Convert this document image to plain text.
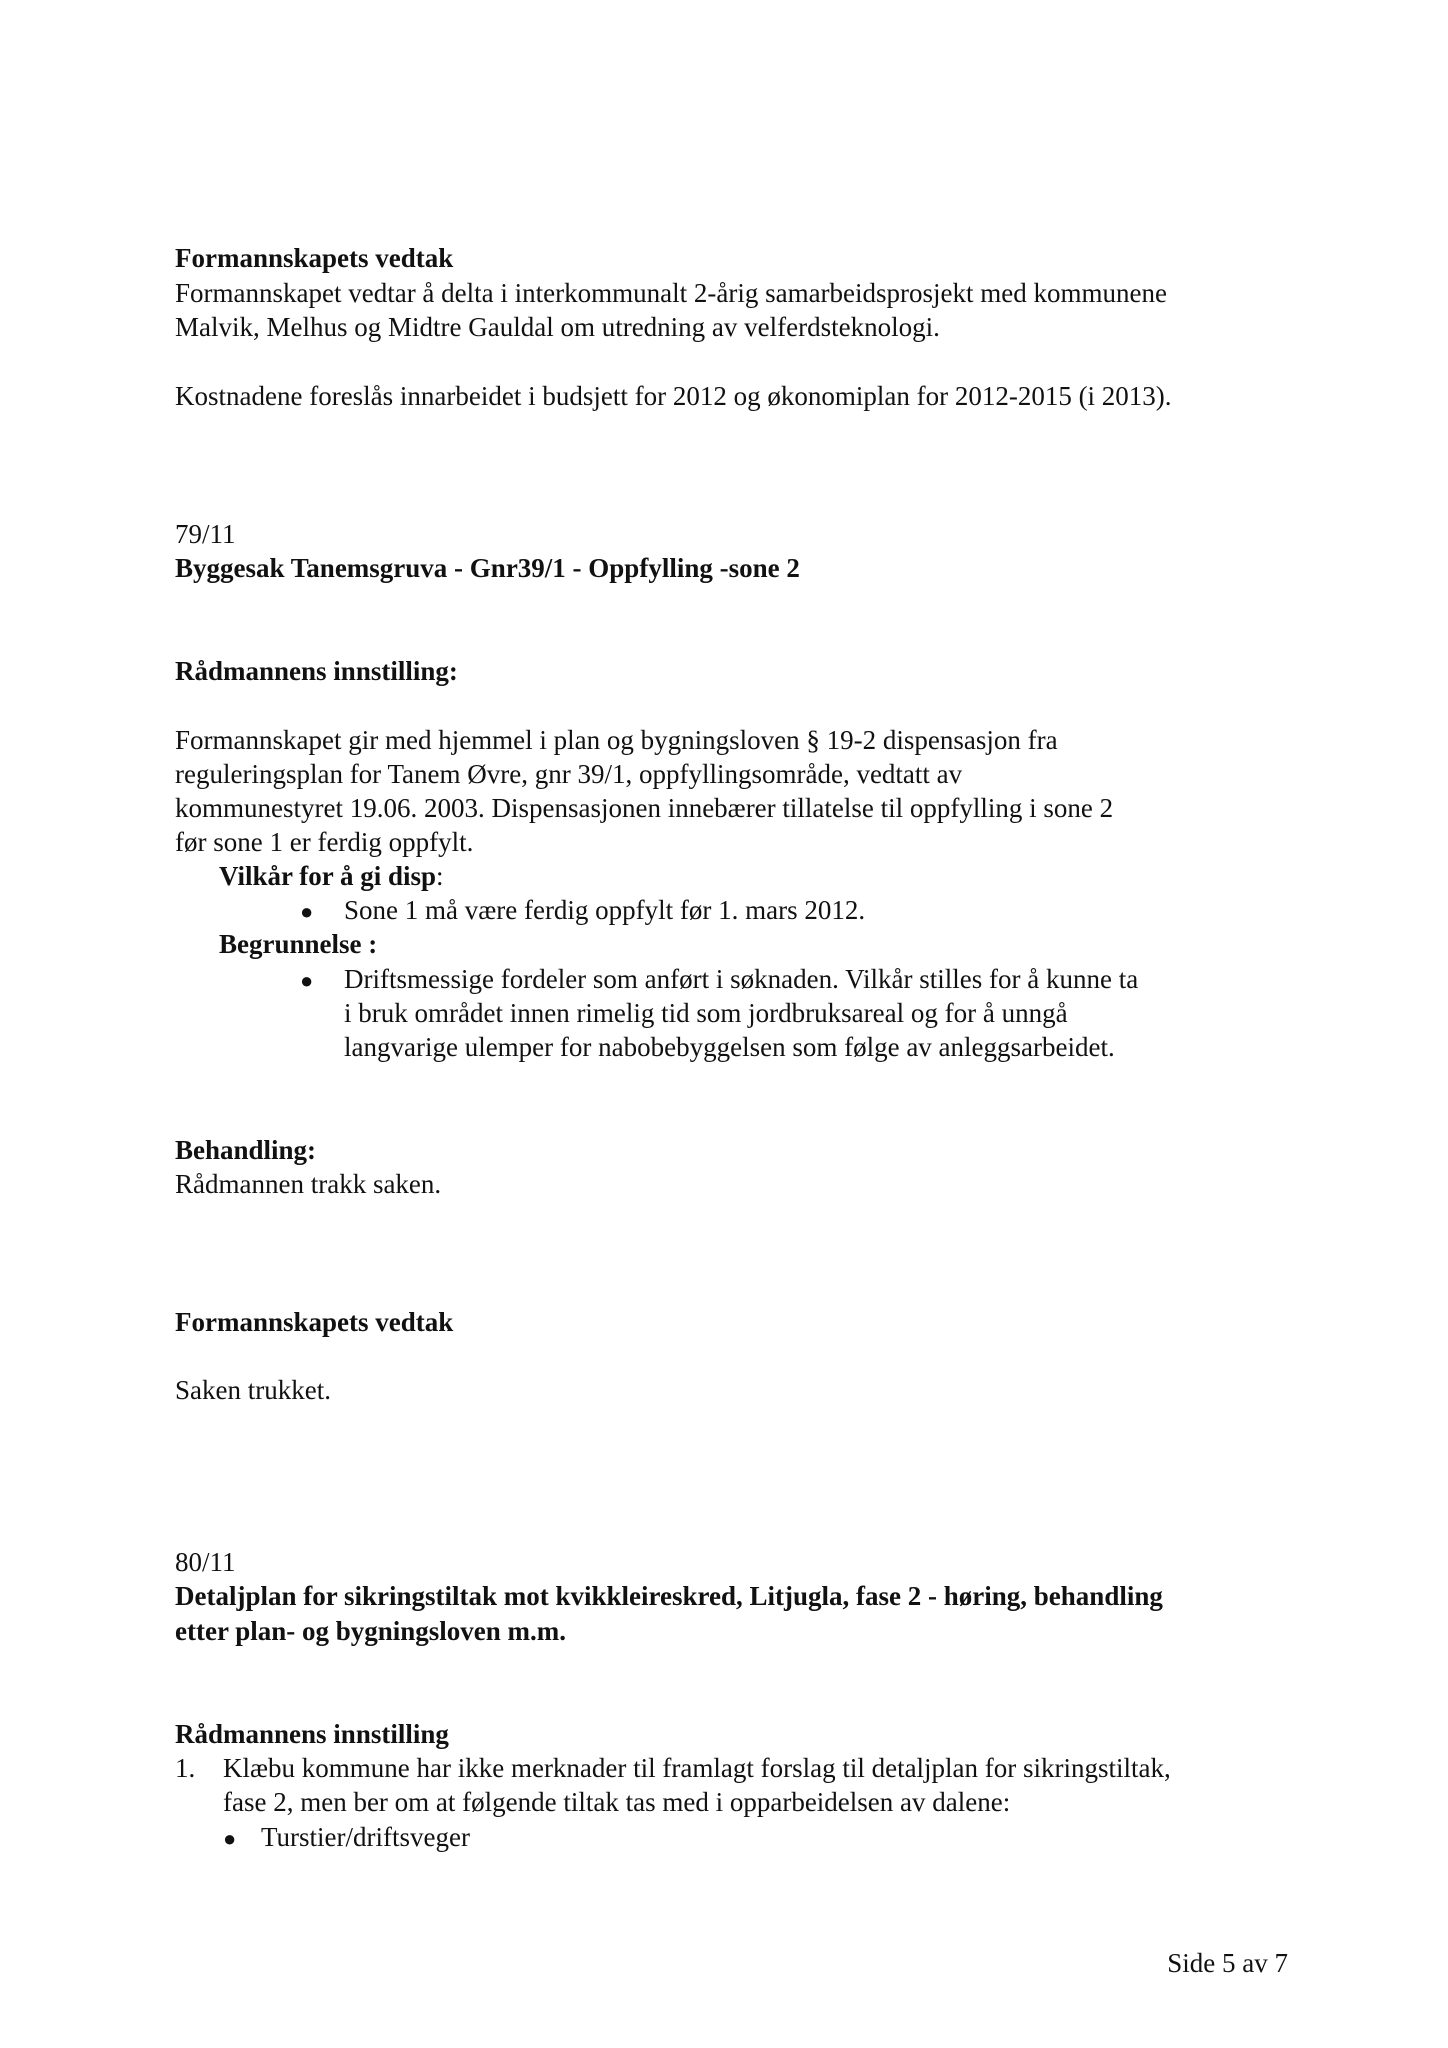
Formannskapets vedtak
Formannskapet vedtar å delta i interkommunalt 2-årig samarbeidsprosjekt med kommunene
Malvik, Melhus og Midtre Gauldal om utredning av velferdsteknologi.
Kostnadene foreslås innarbeidet i budsjett for 2012 og økonomiplan for 2012-2015 (i 2013).
79/11
Byggesak Tanemsgruva - Gnr39/1 - Oppfylling -sone 2
Rådmannens innstilling:
Formannskapet gir med hjemmel i plan og bygningsloven § 19-2 dispensasjon fra
reguleringsplan for Tanem Øvre, gnr 39/1, oppfyllingsområde, vedtatt av
kommunestyret 19.06. 2003. Dispensasjonen innebærer tillatelse til oppfylling i sone 2
før sone 1 er ferdig oppfylt.
Vilkår for å gi disp:
● Sone 1 må være ferdig oppfylt før 1. mars 2012.
Begrunnelse :
● Driftsmessige fordeler som anført i søknaden. Vilkår stilles for å kunne ta
i bruk området innen rimelig tid som jordbruksareal og for å unngå
langvarige ulemper for nabobebyggelsen som følge av anleggsarbeidet.
Behandling:
Rådmannen trakk saken.
Formannskapets vedtak
Saken trukket.
80/11
Detaljplan for sikringstiltak mot kvikkleireskred, Litjugla, fase 2 - høring, behandling
etter plan- og bygningsloven m.m.
Rådmannens innstilling
1. Klæbu kommune har ikke merknader til framlagt forslag til detaljplan for sikringstiltak,
fase 2, men ber om at følgende tiltak tas med i opparbeidelsen av dalene:
● Turstier/driftsveger
Side 5 av 7
